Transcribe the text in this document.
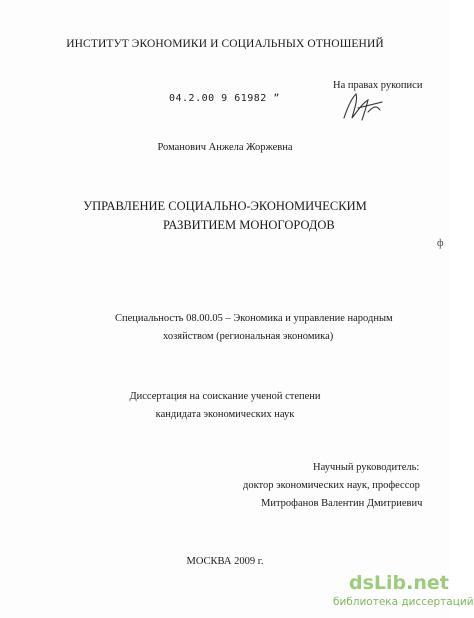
ИНСТИТУТ ЭКОНОМИКИ И СОЦИАЛЬНЫХ ОТНОШЕНИЙ
На правах рукописи
04.2.00 9 61982 ˮ
Романович Анжела Жоржевна
УПРАВЛЕНИЕ СОЦИАЛЬНО-ЭКОНОМИЧЕСКИМ
РАЗВИТИЕМ МОНОГОРОДОВ
ф
Специальность 08.00.05 – Экономика и управление народным
хозяйством (региональная экономика)
Диссертация на соискание ученой степени
кандидата экономических наук
Научный руководитель:
доктор экономических наук, профессор
Митрофанов Валентин Дмитриевич
МОСКВА 2009 г.
dsLib.net
библиотека диссертаций
